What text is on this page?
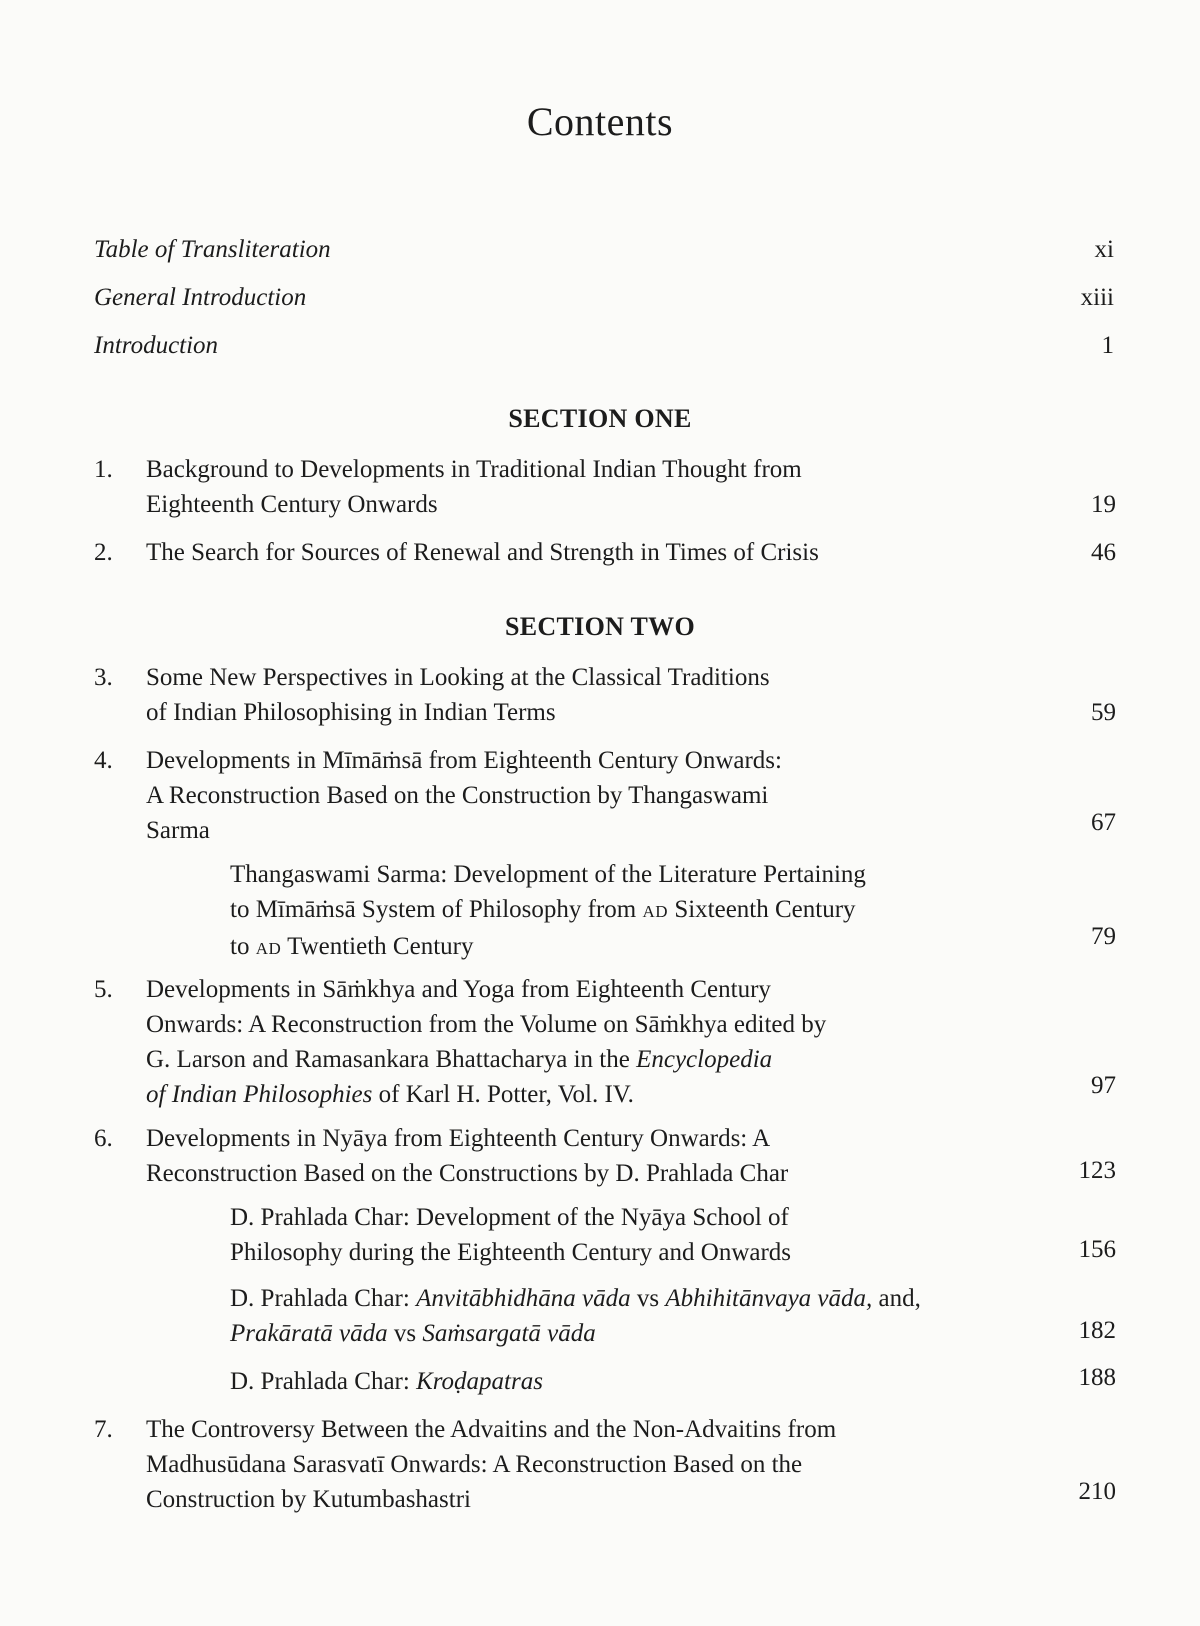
Contents
Table of Transliteration	xi
General Introduction	xiii
Introduction	1
SECTION ONE
1. Background to Developments in Traditional Indian Thought from
Eighteenth Century Onwards	19
2. The Search for Sources of Renewal and Strength in Times of Crisis	46
SECTION TWO
3. Some New Perspectives in Looking at the Classical Traditions
of Indian Philosophising in Indian Terms	59
4. Developments in Mīmāṁsā from Eighteenth Century Onwards:
A Reconstruction Based on the Construction by Thangaswami
Sarma	67
Thangaswami Sarma: Development of the Literature Pertaining
to Mīmāṁsā System of Philosophy from AD Sixteenth Century
to AD Twentieth Century	79
5. Developments in Sāṁkhya and Yoga from Eighteenth Century
Onwards: A Reconstruction from the Volume on Sāṁkhya edited by
G. Larson and Ramasankara Bhattacharya in the Encyclopedia
of Indian Philosophies of Karl H. Potter, Vol. IV.	97
6. Developments in Nyāya from Eighteenth Century Onwards: A
Reconstruction Based on the Constructions by D. Prahlada Char	123
D. Prahlada Char: Development of the Nyāya School of
Philosophy during the Eighteenth Century and Onwards	156
D. Prahlada Char: Anvitābhidhāna vāda vs Abhihitānvaya vāda, and,
Prakāratā vāda vs Saṁsargatā vāda	182
D. Prahlada Char: Kroḍapatras	188
7. The Controversy Between the Advaitins and the Non-Advaitins from
Madhusūdana Sarasvatī Onwards: A Reconstruction Based on the
Construction by Kutumbashastri	210
